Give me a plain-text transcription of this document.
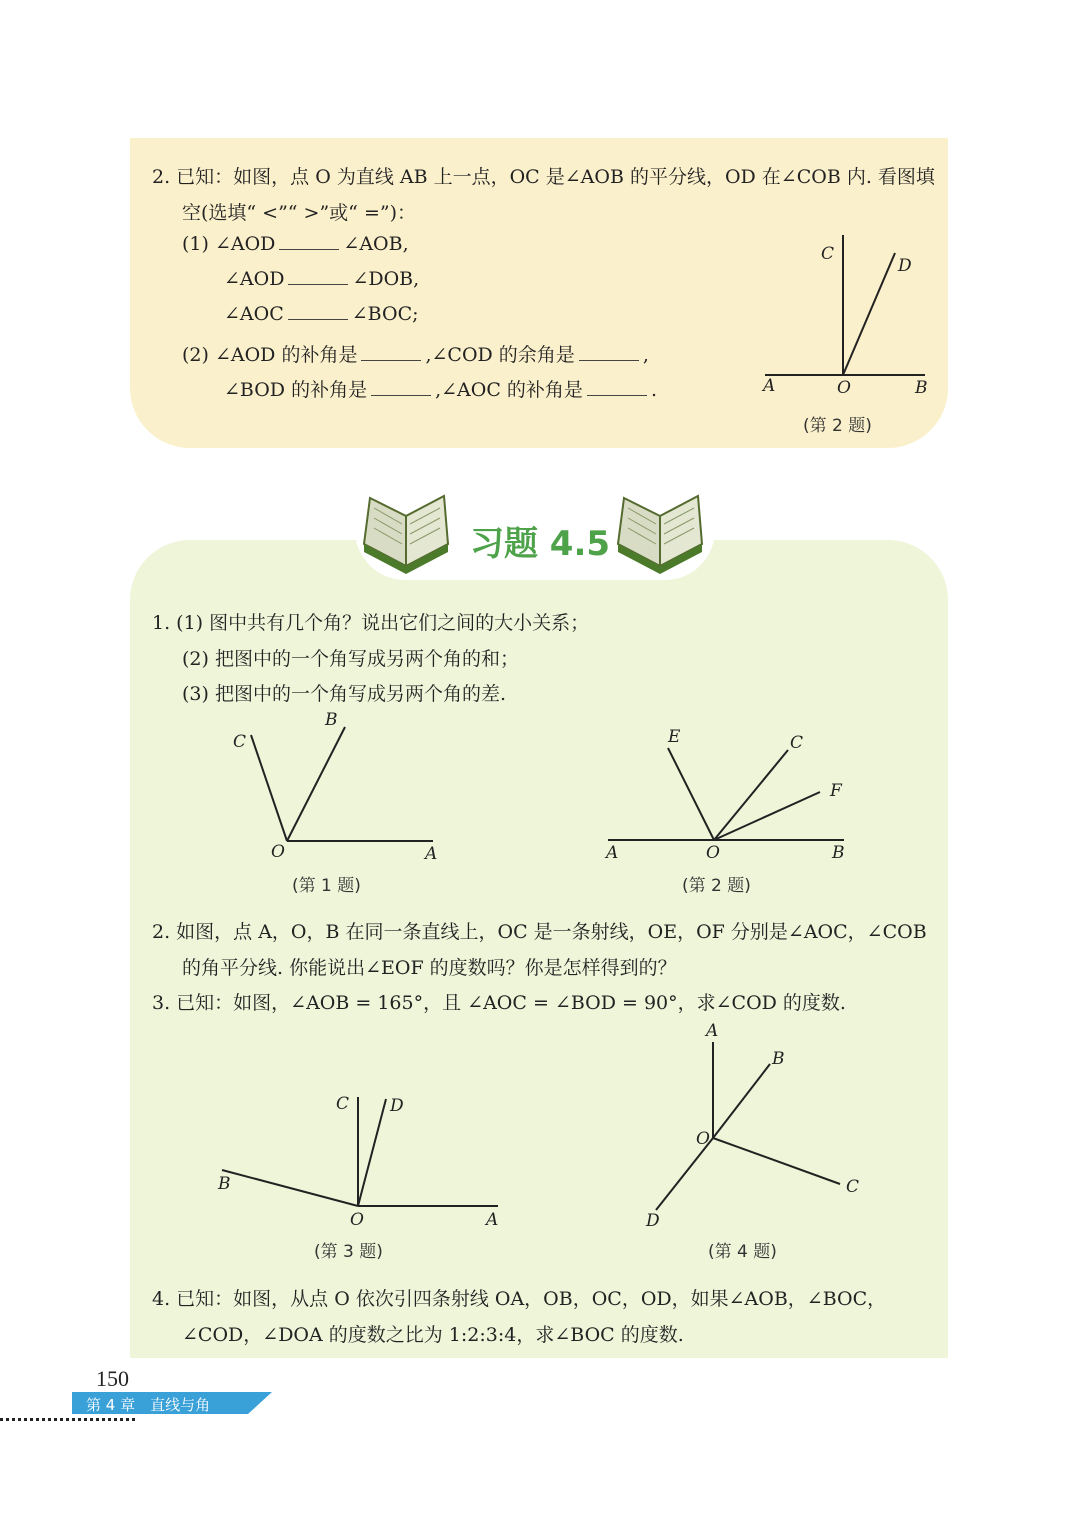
2. 已知：如图，点 O 为直线 AB 上一点，OC 是∠AOB 的平分线，OD 在∠COB 内. 看图填
空(选填“ <”“ >”或“ =”)：
(1) ∠AOD	∠AOB,
∠AOD	∠DOB,
∠AOC	∠BOC;
(2) ∠AOD 的补角是	,∠COD 的余角是	,
∠BOD 的补角是	,∠AOC 的补角是	.
C
D
A	O	B
(第 2 题)
习题 4.5
1. (1) 图中共有几个角？说出它们之间的大小关系；
(2) 把图中的一个角写成另两个角的和；
(3) 把图中的一个角写成另两个角的差.
C
B
O	A
(第 1 题)
E	C
F
A	O	B
(第 2 题)
2. 如图，点 A，O，B 在同一条直线上，OC 是一条射线，OE，OF 分别是∠AOC，∠COB
的角平分线. 你能说出∠EOF 的度数吗？你是怎样得到的？
3. 已知：如图，∠AOB = 165°，且 ∠AOC = ∠BOD = 90°，求∠COD 的度数.
C D
B
O	A
(第 3 题)
A
B
O
C
D
(第 4 题)
4. 已知：如图，从点 O 依次引四条射线 OA，OB，OC，OD，如果∠AOB，∠BOC，
∠COD，∠DOA 的度数之比为 1:2:3:4，求∠BOC 的度数.
150
第 4 章　直线与角
